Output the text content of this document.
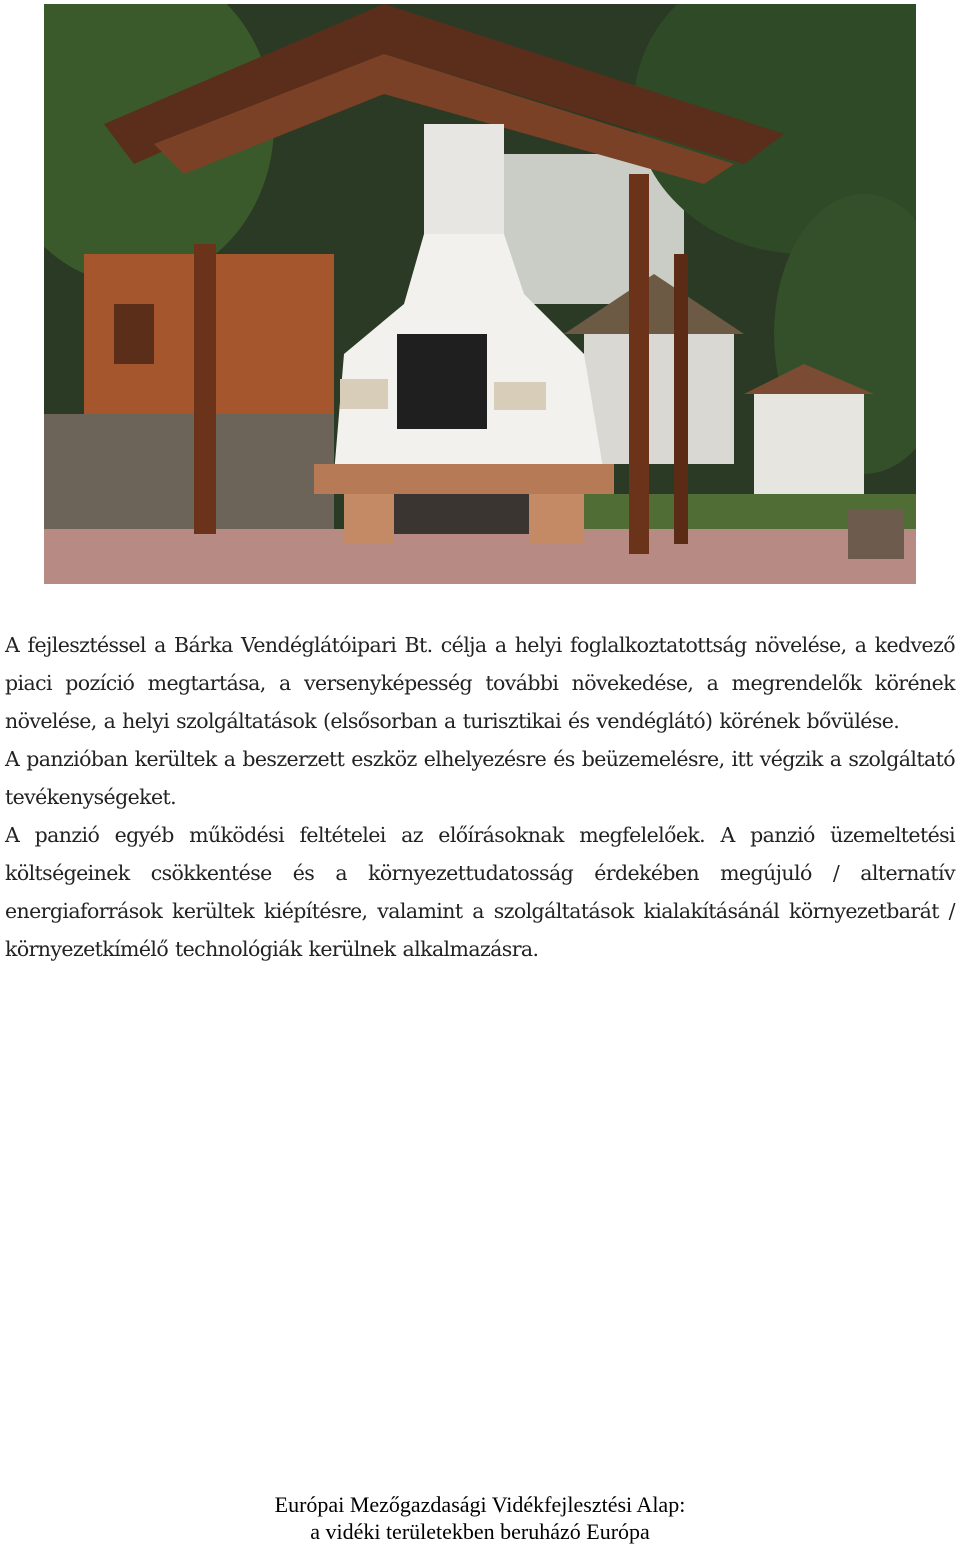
A fejlesztéssel a Bárka Vendéglátóipari Bt. célja a helyi foglalkoztatottság növelése, a kedvező piaci pozíció megtartása, a versenyképesség további növekedése, a megrendelők körének növelése, a helyi szolgáltatások (elsősorban a turisztikai és vendéglátó) körének bővülése.

A panzióban kerültek a beszerzett eszköz elhelyezésre és beüzemelésre, itt végzik a szolgáltató tevékenységeket.

A panzió egyéb működési feltételei az előírásoknak megfelelőek. A panzió üzemeltetési költségeinek csökkentése és a környezettudatosság érdekében megújuló / alternatív energiaforrások kerültek kiépítésre, valamint a szolgáltatások kialakításánál környezetbarát / környezetkímélő technológiák kerülnek alkalmazásra.

Európai Mezőgazdasági Vidékfejlesztési Alap:
a vidéki területekben beruházó Európa
